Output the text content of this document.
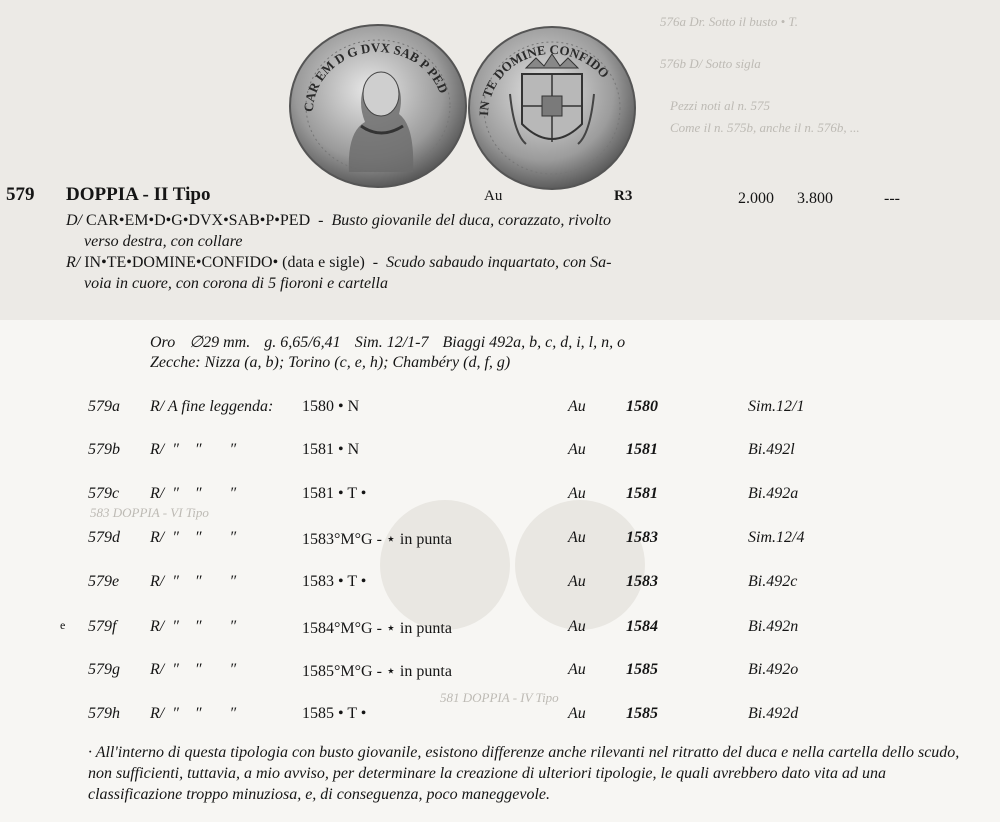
576a Dr. Sotto il busto • T.
576b D/ Sotto sigla
Pezzi noti al n. 575
Come il n. 575b, anche il n. 576b, ...
581 DOPPIA - IV Tipo
583 DOPPIA - VI Tipo
CAR EM D G DVX SAB P PED
IN TE DOMINE CONFIDO
579 DOPPIA - II Tipo	Au	R3	2.000 3.800	---
D/ CAR•EM•D•G•DVX•SAB•P•PED  -  Busto giovanile del duca, corazzato, rivolto
verso destra, con collare
R/ IN•TE•DOMINE•CONFIDO• (data e sigle)  -  Scudo sabaudo inquartato, con Sa-
voia in cuore, con corona di 5 fioroni e cartella
Oro ∅29 mm. g. 6,65/6,41 Sim. 12/1-7 Biaggi 492a, b, c, d, i, l, n, o
Zecche: Nizza (a, b); Torino (c, e, h); Chambéry (d, f, g)
579a R/ A fine leggenda: 1580 • N	Au	1580	Sim.12/1
579b R/  ″    ″       ″	1581 • N	Au	1581	Bi.492l
579c R/  ″    ″       ″	1581 • T •	Au	1581	Bi.492a
579d R/  ″    ″       ″	1583°M°G - ⋆ in punta	Au	1583	Sim.12/4
579e R/  ″    ″       ″	1583 • T •	Au	1583	Bi.492c
e 579f R/  ″    ″       ″	1584°M°G - ⋆ in punta	Au	1584	Bi.492n
579g R/  ″    ″       ″	1585°M°G - ⋆ in punta	Au	1585	Bi.492o
579h R/  ″    ″       ″	1585 • T •	Au	1585	Bi.492d
· All'interno di questa tipologia con busto giovanile, esistono differenze anche rilevanti nel ritratto del duca e nella cartella dello scudo, non sufficienti, tuttavia, a mio avviso, per determinare la creazione di ulteriori tipologie, le quali avrebbero dato vita ad una classificazione troppo minuziosa, e, di conseguenza, poco maneggevole.
